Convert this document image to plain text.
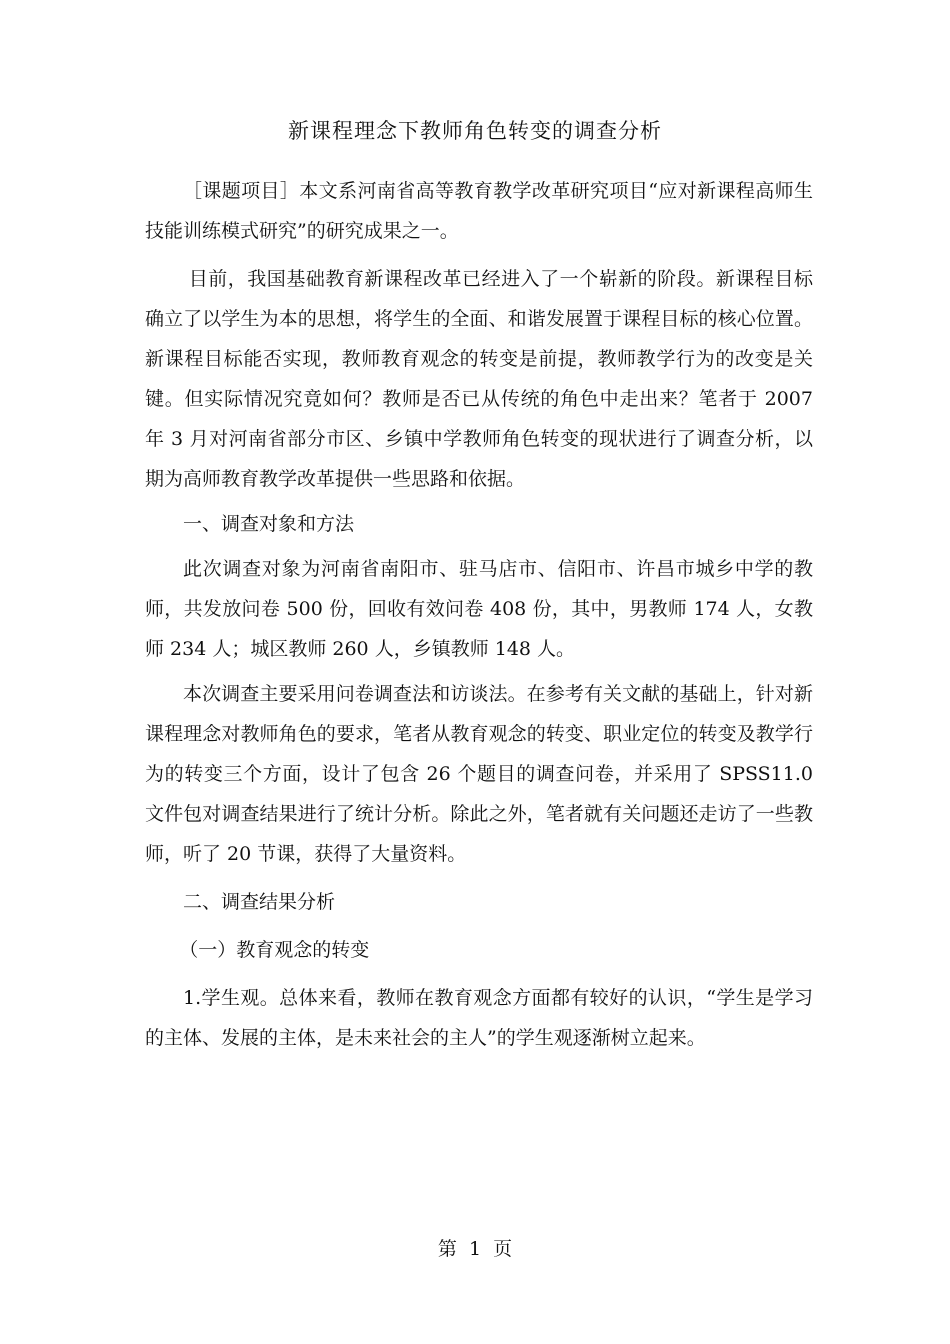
新课程理念下教师角色转变的调查分析

［课题项目］本文系河南省高等教育教学改革研究项目“应对新课程高师生技能训练模式研究”的研究成果之一。

目前，我国基础教育新课程改革已经进入了一个崭新的阶段。新课程目标确立了以学生为本的思想，将学生的全面、和谐发展置于课程目标的核心位置。新课程目标能否实现，教师教育观念的转变是前提，教师教学行为的改变是关键。但实际情况究竟如何？教师是否已从传统的角色中走出来？笔者于 2007 年 3 月对河南省部分市区、乡镇中学教师角色转变的现状进行了调查分析，以期为高师教育教学改革提供一些思路和依据。

一、调查对象和方法

此次调查对象为河南省南阳市、驻马店市、信阳市、许昌市城乡中学的教师，共发放问卷 500 份，回收有效问卷 408 份，其中，男教师 174 人，女教师 234 人；城区教师 260 人，乡镇教师 148 人。

本次调查主要采用问卷调查法和访谈法。在参考有关文献的基础上，针对新课程理念对教师角色的要求，笔者从教育观念的转变、职业定位的转变及教学行为的转变三个方面，设计了包含 26 个题目的调查问卷，并采用了 SPSS11.0 文件包对调查结果进行了统计分析。除此之外，笔者就有关问题还走访了一些教师，听了 20 节课，获得了大量资料。

二、调查结果分析

（一）教育观念的转变

1.学生观。总体来看，教师在教育观念方面都有较好的认识，“学生是学习的主体、发展的主体，是未来社会的主人”的学生观逐渐树立起来。

第 1 页
